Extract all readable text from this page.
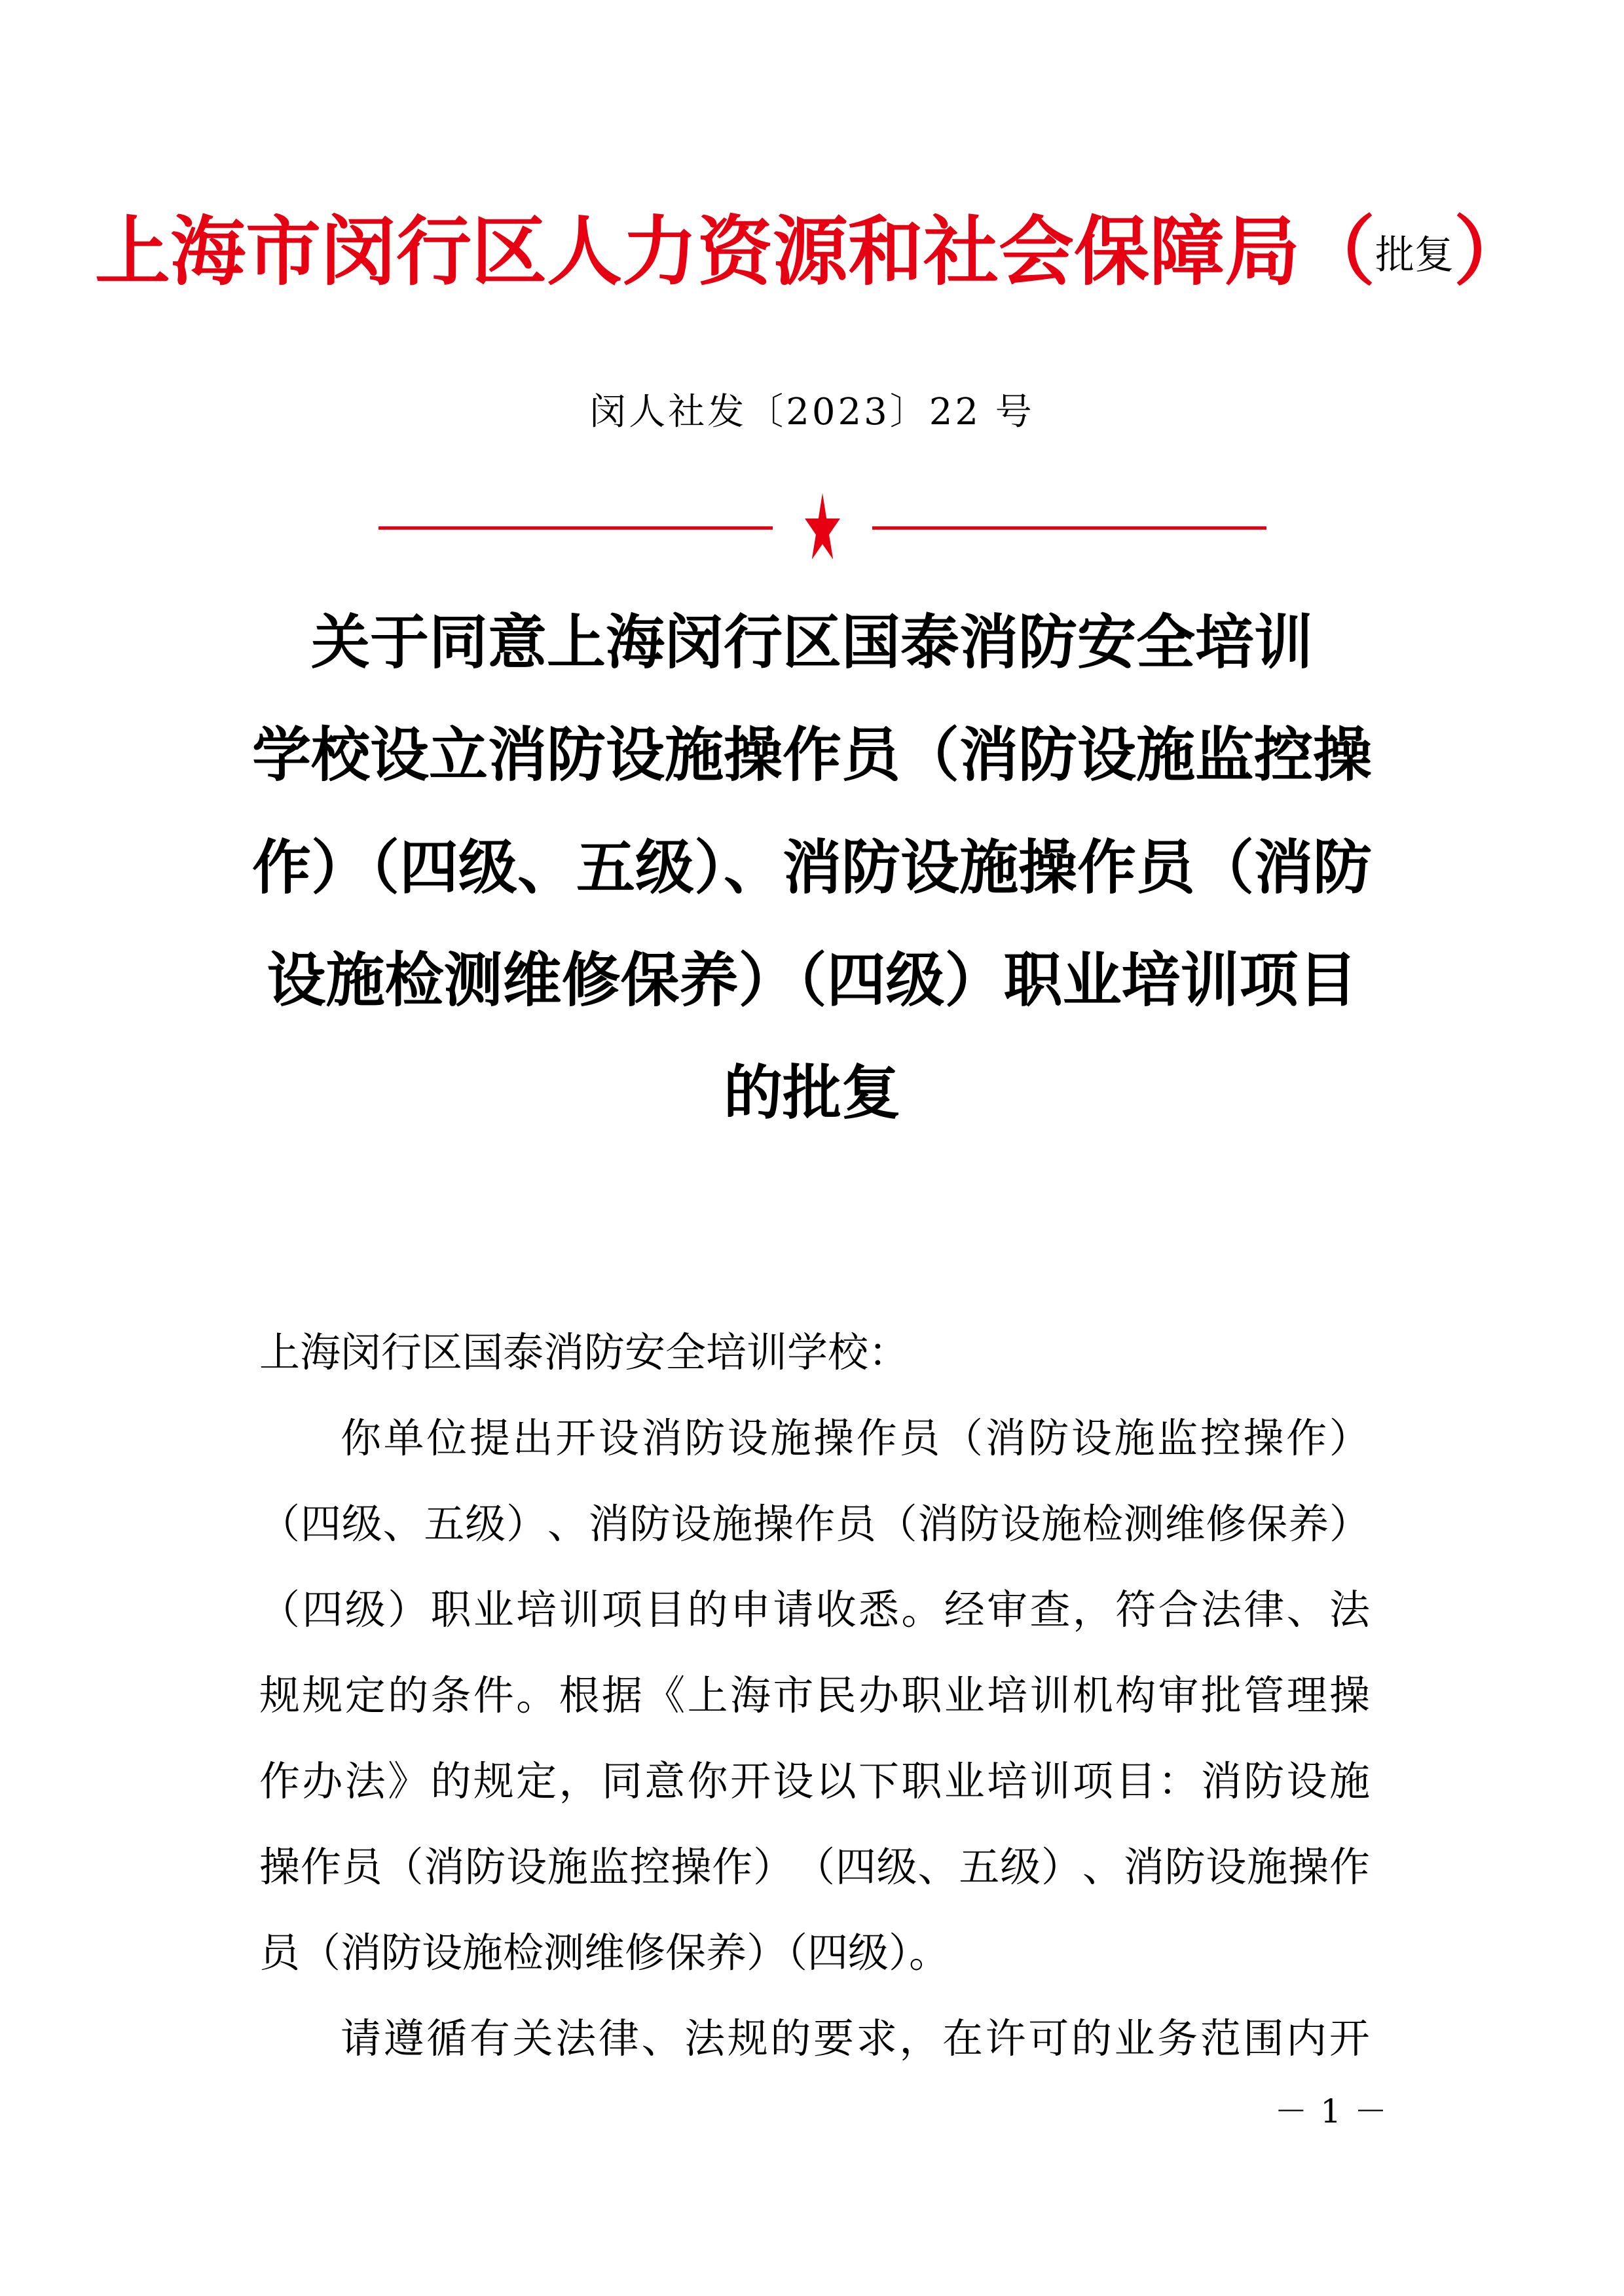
上海市闵行区人力资源和社会保障局（批复）
闵人社发〔2023〕22 号
关于同意上海闵行区国泰消防安全培训
学校设立消防设施操作员（消防设施监控操
作）（四级、五级）、消防设施操作员（消防
设施检测维修保养）（四级）职业培训项目
的批复
上海闵行区国泰消防安全培训学校：
你 单 位 提 出 开 设 消 防 设 施 操 作 员 （ 消 防 设 施 监 控 操 作 ）
（ 四 级 、 五 级 ） 、 消 防 设 施 操 作 员 （ 消 防 设 施 检 测 维 修 保 养 ）
（ 四 级 ） 职 业 培 训 项 目 的 申 请 收 悉 。 经 审 查 ， 符 合 法 律 、 法
规 规 定 的 条 件 。 根 据 《 上 海 市 民 办 职 业 培 训 机 构 审 批 管 理 操
作 办 法 》 的 规 定 ， 同 意 你 开 设 以 下 职 业 培 训 项 目 ： 消 防 设 施
操 作 员 （ 消 防 设 施 监 控 操 作 ） （ 四 级 、 五 级 ） 、 消 防 设 施 操 作
员（消防设施检测维修保养）（四级）。
请 遵 循 有 关 法 律 、 法 规 的 要 求 ， 在 许 可 的 业 务 范 围 内 开
－ 1 －
